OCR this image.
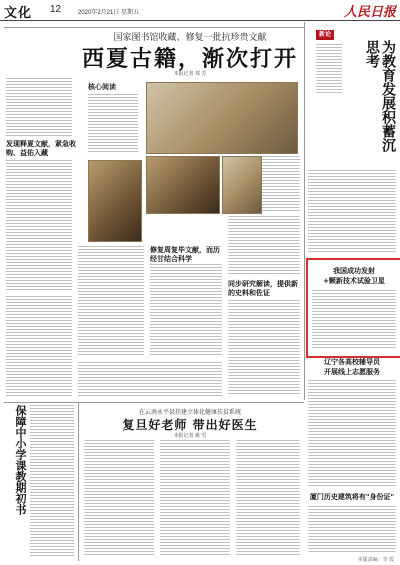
文化 12	2020年2月21日 星期五	人民日报
国家图书馆收藏、修复一批抗珍贵文献
西夏古籍，渐次打开
本报记者 郑 芳
发现释夏文献，紧急收购、益佑入藏
核心阅读
修复周复毕文献，而历经甘结合科学
同步研究解读，提供新的史料和佐证
新论
为教育发展积蓄沉思考
我国成功发射
+颗新技术试验卫星
辽宁各高校辅导员
开展线上志愿服务
厦门历史建筑将有"身份证"
在云南永平县挂建立体化健康扶贫系统
复旦好老师 带出好医生
本报记者 姚 雪
保障中小学课教期初书
本版责编：李 霞
